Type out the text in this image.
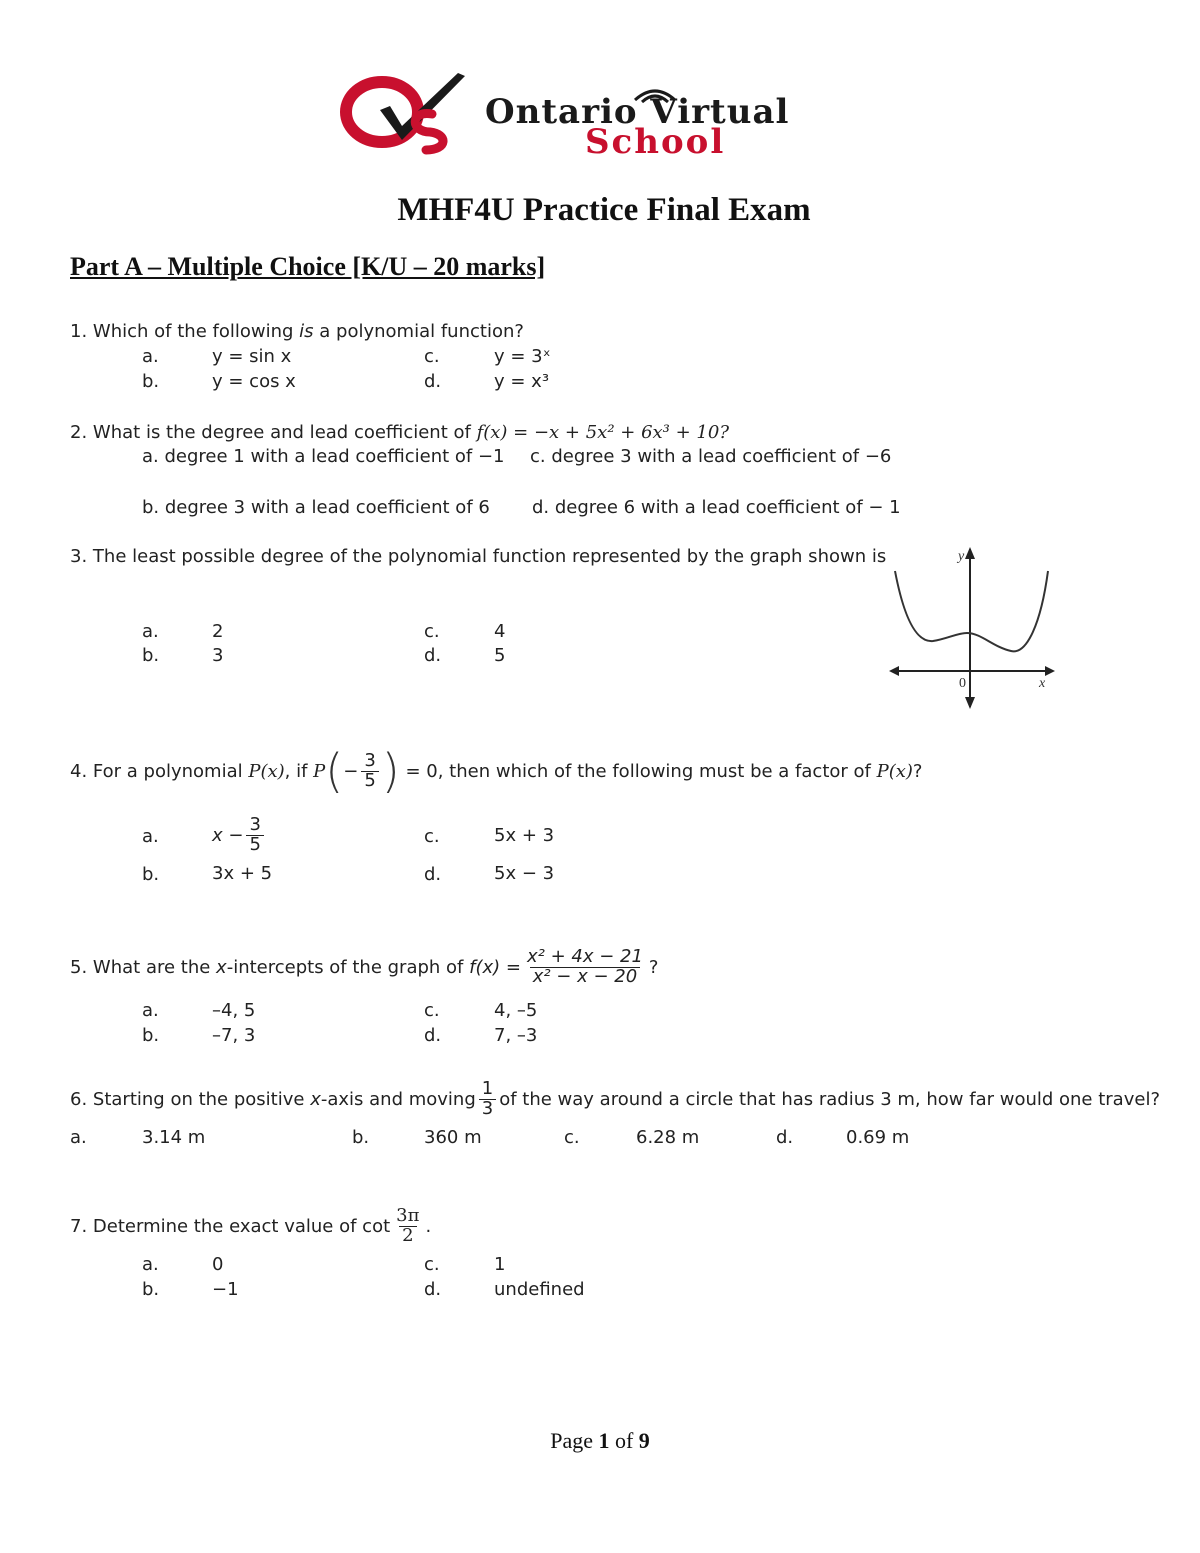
Ontario Virtual
School
MHF4U Practice Final Exam
Part A – Multiple Choice [K/U – 20 marks]
1. Which of the following is a polynomial function?
a.	y = sin x	c.	y = 3ˣ
b.	y = cos x	d.	y = x³
2. What is the degree and lead coefficient of f(x) = −x + 5x² + 6x³ + 10?
a. degree 1 with a lead coefficient of −1 c. degree 3 with a lead coefficient of −6
b. degree 3 with a lead coefficient of 6 d. degree 6 with a lead coefficient of − 1
3. The least possible degree of the polynomial function represented by the graph shown is
a.	2	c.	4
b.	3	d.	5
y
x
0
4.
For a polynomial
P(x) , if
P ( − $\frac{3}{5}$ )
= 0, then which of the following must be a factor of
P(x) ?
a.	$x - \frac{3}{5}$	c.	5x + 3
b.	3x + 5	d.	5x − 3
5.
What are the
x -intercepts of the graph of
$f(x) = \frac{\text{x² + 4x − 21}}{\text{x² − x − 20}}$ ?
a.	–4, 5	c.	4, –5
b.	–7, 3	d.	7, –3
6.
Starting on the positive
x -axis and moving $\frac{1}{3}$ of the way around a circle that has radius 3 m, how far would one travel?
a.	3.14 m	b.	360 m	c.	6.28 m	d.	0.69 m
7.
Determine the exact value of
$\cot \frac{3\pi}{2}$ .
a.	0	c.	1
b.	−1	d.	undefined
Page 1 of 9
